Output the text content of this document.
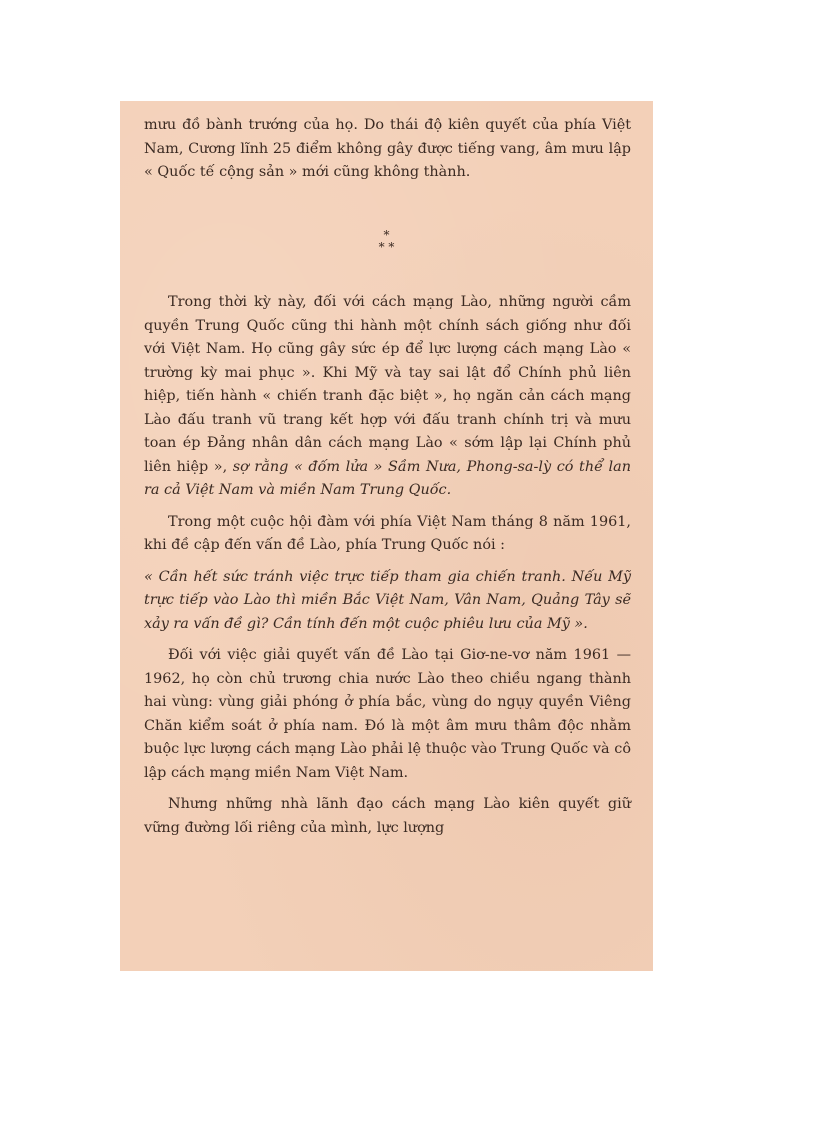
mưu đồ bành trướng của họ. Do thái độ kiên quyết của phía Việt Nam, Cương lĩnh 25 điểm không gây được tiếng vang, âm mưu lập « Quốc tế cộng sản » mới cũng không thành.
*
* *

Trong thời kỳ này, đối với cách mạng Lào, những người cầm quyền Trung Quốc cũng thi hành một chính sách giống như đối với Việt Nam. Họ cũng gây sức ép để lực lượng cách mạng Lào « trường kỳ mai phục ». Khi Mỹ và tay sai lật đổ Chính phủ liên hiệp, tiến hành « chiến tranh đặc biệt », họ ngăn cản cách mạng Lào đấu tranh vũ trang kết hợp với đấu tranh chính trị và mưu toan ép Đảng nhân dân cách mạng Lào « sớm lập lại Chính phủ liên hiệp », sợ rằng « đốm lửa » Sầm Nưa, Phong-sa-lỳ có thể lan ra cả Việt Nam và miền Nam Trung Quốc.

Trong một cuộc hội đàm với phía Việt Nam tháng 8 năm 1961, khi đề cập đến vấn đề Lào, phía Trung Quốc nói :

« Cần hết sức tránh việc trực tiếp tham gia chiến tranh. Nếu Mỹ trực tiếp vào Lào thì miền Bắc Việt Nam, Vân Nam, Quảng Tây sẽ xảy ra vấn đề gì? Cần tính đến một cuộc phiêu lưu của Mỹ ».

Đối với việc giải quyết vấn đề Lào tại Giơ-ne-vơ năm 1961 — 1962, họ còn chủ trương chia nước Lào theo chiều ngang thành hai vùng: vùng giải phóng ở phía bắc, vùng do ngụy quyền Viêng Chăn kiểm soát ở phía nam. Đó là một âm mưu thâm độc nhằm buộc lực lượng cách mạng Lào phải lệ thuộc vào Trung Quốc và cô lập cách mạng miền Nam Việt Nam.

Nhưng những nhà lãnh đạo cách mạng Lào kiên quyết giữ vững đường lối riêng của mình, lực lượng
